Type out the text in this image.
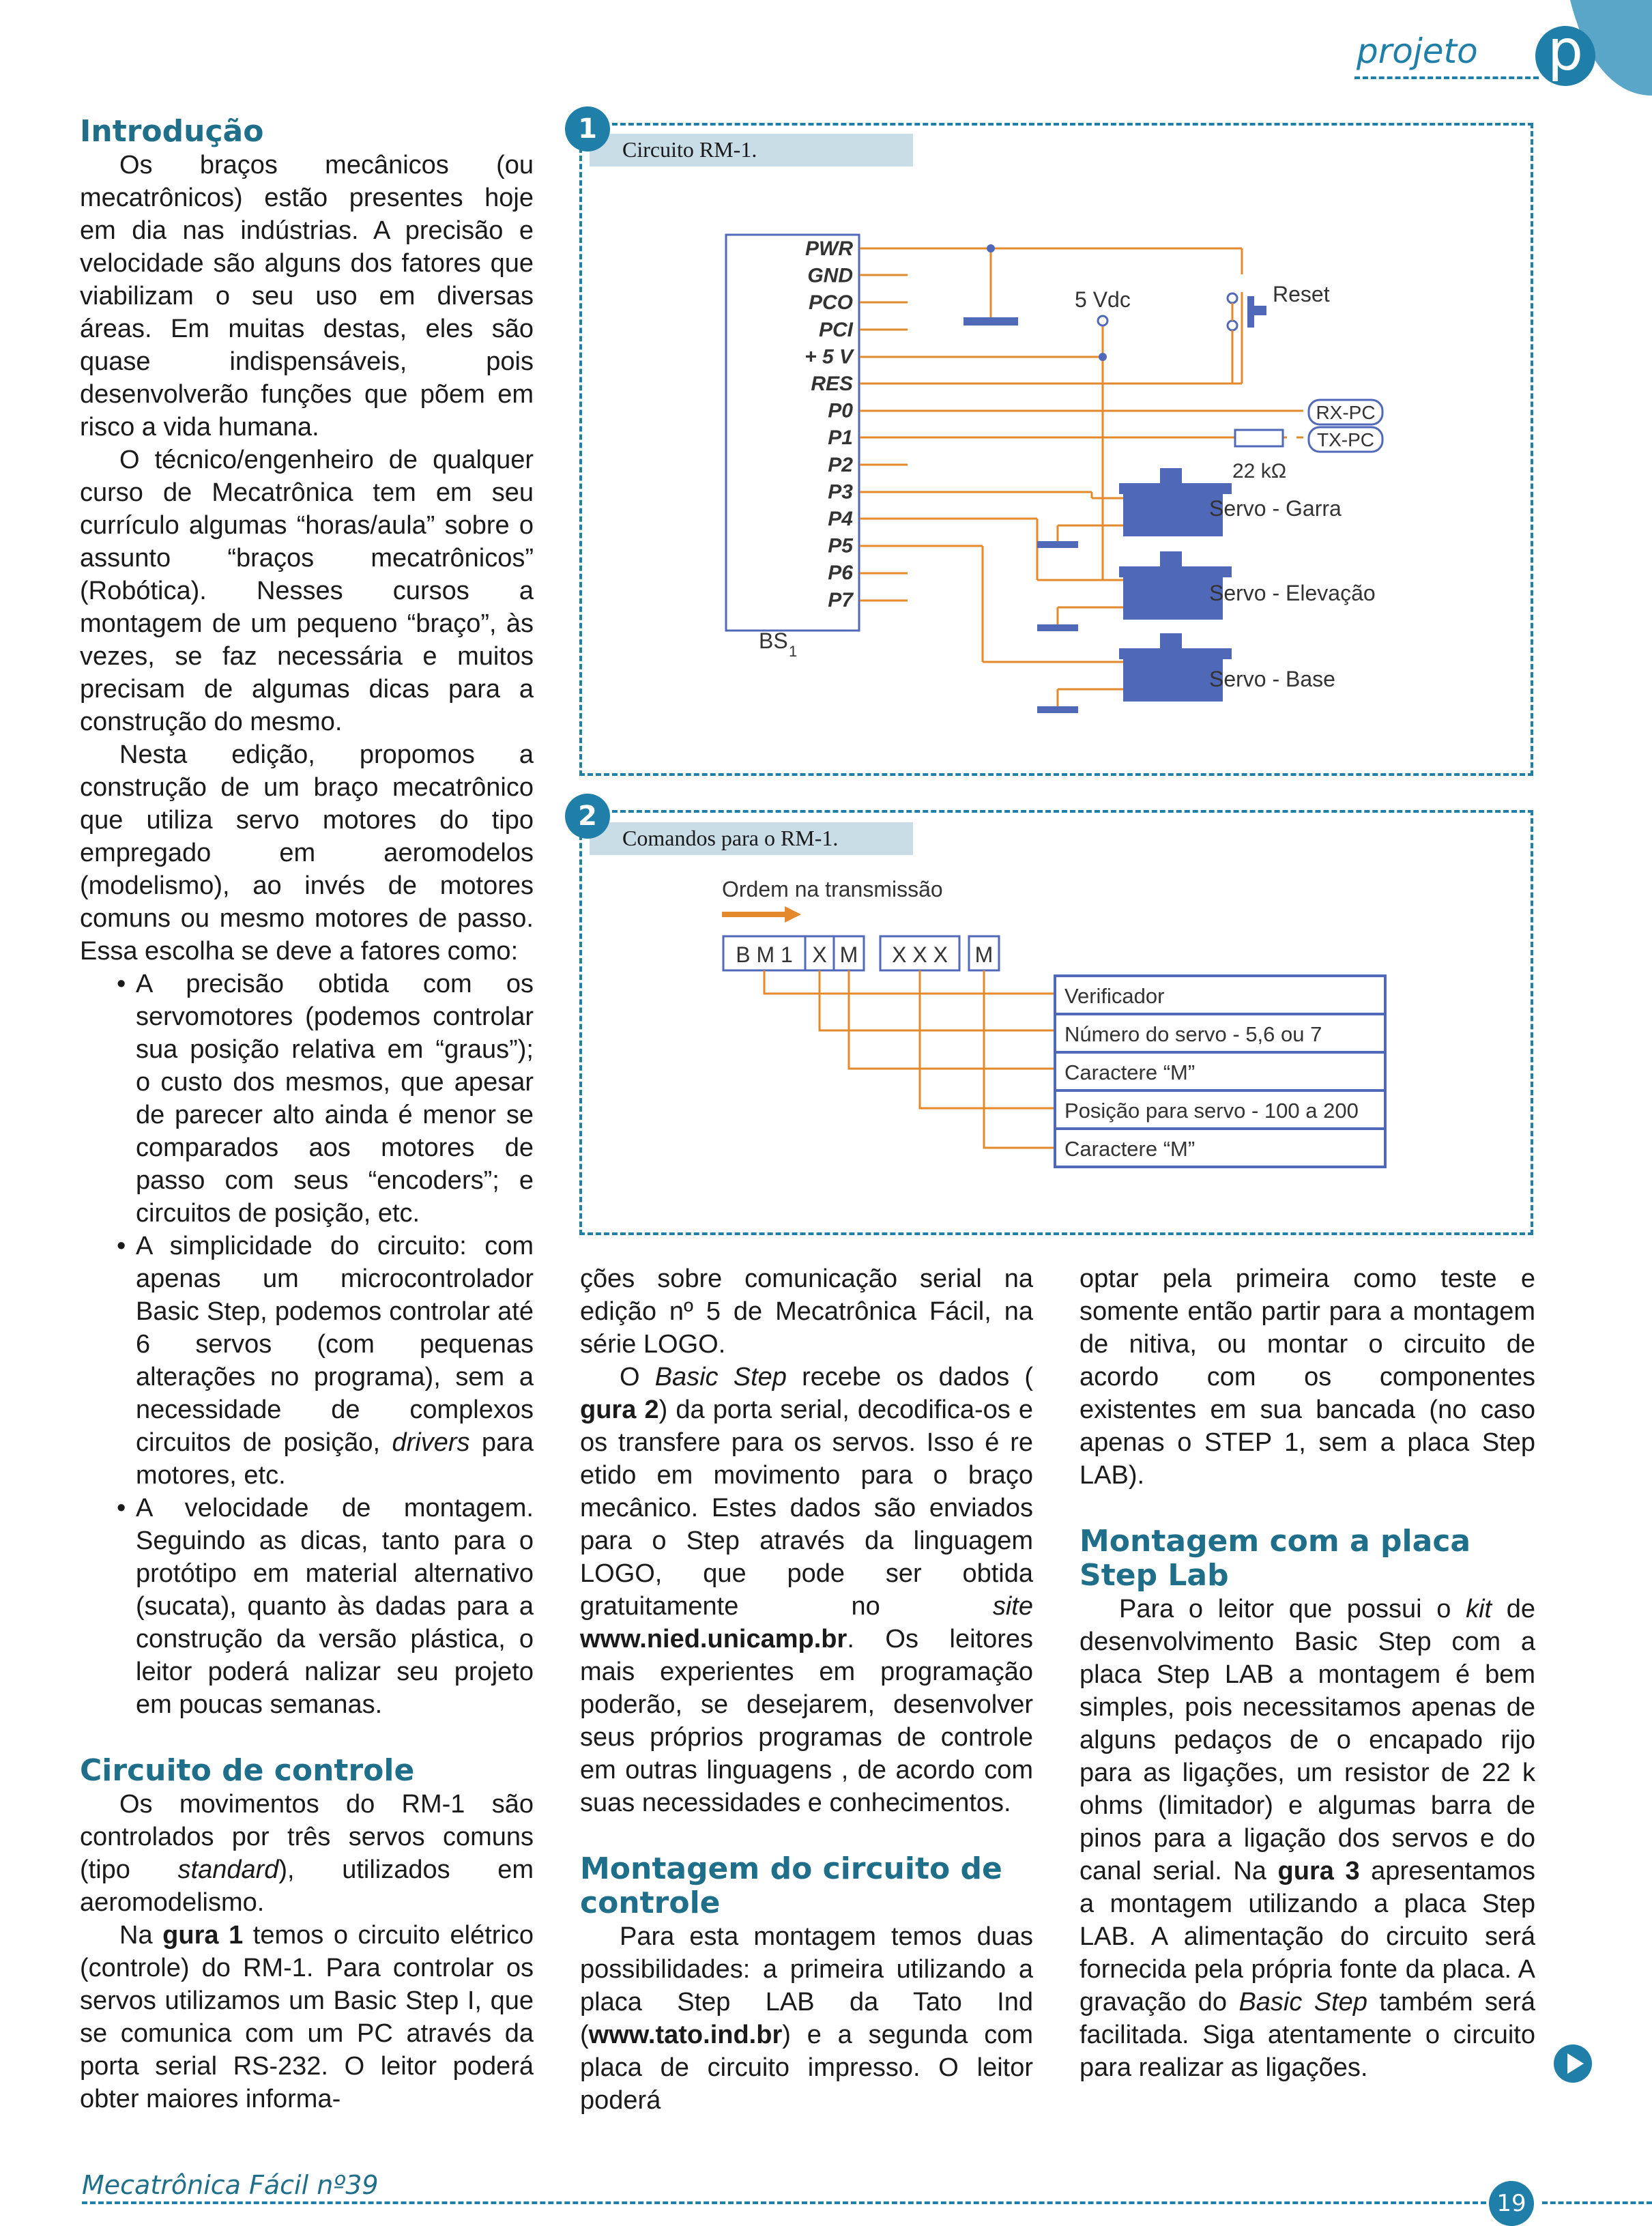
projeto p
Introdução

Os braços mecânicos (ou mecatrônicos) estão presentes hoje em dia nas indústrias. A precisão e velocidade são alguns dos fatores que viabilizam o seu uso em diversas áreas. Em muitas destas, eles são quase indispensáveis, pois desenvolverão funções que põem em risco a vida humana.

O técnico/engenheiro de qualquer curso de Mecatrônica tem em seu currículo algumas “horas/aula” sobre o assunto “braços mecatrônicos” (Robótica). Nesses cursos a montagem de um pequeno “braço”, às vezes, se faz necessária e muitos precisam de algumas dicas para a construção do mesmo.

Nesta edição, propomos a construção de um braço mecatrônico que utiliza servo motores do tipo empregado em aeromodelos (modelismo), ao invés de motores comuns ou mesmo motores de passo. Essa escolha se deve a fatores como:

• A precisão obtida com os servomotores (podemos controlar sua posição relativa em “graus”); o custo dos mesmos, que apesar de parecer alto ainda é menor se comparados aos motores de passo com seus “encoders”; e circuitos de posição, etc.
• A simplicidade do circuito: com apenas um microcontrolador Basic Step, podemos controlar até 6 servos (com pequenas alterações no programa), sem a necessidade de complexos circuitos de posição, drivers para motores, etc.
• A velocidade de montagem. Seguindo as dicas, tanto para o protótipo em material alternativo (sucata), quanto às dadas para a construção da versão plástica, o leitor poderá nalizar seu projeto em poucas semanas.
Circuito de controle

Os movimentos do RM-1 são controlados por três servos comuns (tipo standard), utilizados em aeromodelismo.

Na gura 1 temos o circuito elétrico (controle) do RM-1. Para controlar os servos utilizamos um Basic Step I, que se comunica com um PC através da porta serial RS-232. O leitor poderá obter maiores informa-

Circuito RM-1.
1
PWR
GND
PCO
PCI
+ 5 V
RES
P0
P1
P2
P3
P4
P5
P6
P7
BS 1
5 Vdc	Reset
RX-PC
TX-PC
22 kΩ
Servo - Garra
Servo - Elevação
Servo - Base
Comandos para o RM-1.
2
Ordem na transmissão
B M 1 X M X X X M
Verificador
Número do servo - 5,6 ou 7
Caractere “M”
Posição para servo - 100 a 200
Caractere “M”

ções sobre comunicação serial na edição nº 5 de Mecatrônica Fácil, na série LOGO.

O Basic Step recebe os dados ( gura 2) da porta serial, decodifica-os e os transfere para os servos. Isso é re etido em movimento para o braço mecânico. Estes dados são enviados para o Step através da linguagem LOGO, que pode ser obtida gratuitamente no site www.nied.unicamp.br. Os leitores mais experientes em programação poderão, se desejarem, desenvolver seus próprios programas de controle em outras linguagens , de acordo com suas necessidades e conhecimentos.

Montagem do circuito de controle

Para esta montagem temos duas possibilidades: a primeira utilizando a placa Step LAB da Tato Ind (www.tato.ind.br) e a segunda com placa de circuito impresso. O leitor poderá

optar pela primeira como teste e somente então partir para a montagem de nitiva, ou montar o circuito de acordo com os componentes existentes em sua bancada (no caso apenas o STEP 1, sem a placa Step LAB).

Montagem com a placa Step Lab

Para o leitor que possui o kit de desenvolvimento Basic Step com a placa Step LAB a montagem é bem simples, pois necessitamos apenas de alguns pedaços de o encapado rijo para as ligações, um resistor de 22 k ohms (limitador) e algumas barra de pinos para a ligação dos servos e do canal serial. Na gura 3 apresentamos a montagem utilizando a placa Step LAB. A alimentação do circuito será fornecida pela própria fonte da placa. A gravação do Basic Step também será facilitada. Siga atentamente o circuito para realizar as ligações.

Mecatrônica Fácil nº39
19
